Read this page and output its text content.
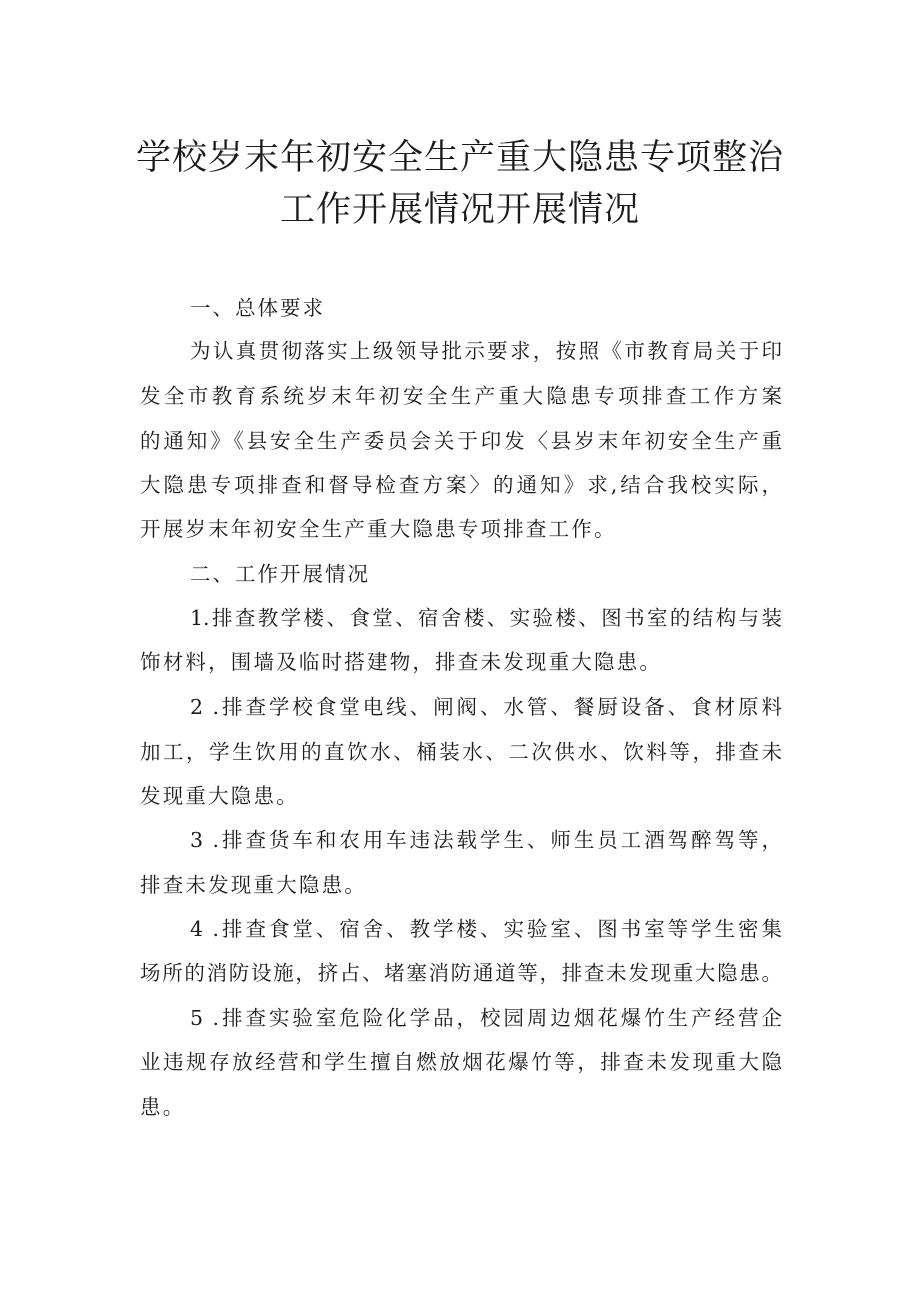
学校岁末年初安全生产重大隐患专项整治
工作开展情况开展情况
一、总体要求
为认真贯彻落实上级领导批示要求，按照《市教育局关于印
发全市教育系统岁末年初安全生产重大隐患专项排查工作方案
的通知》《县安全生产委员会关于印发〈县岁末年初安全生产重
大隐患专项排查和督导检查方案〉的通知》求,结合我校实际，
开展岁末年初安全生产重大隐患专项排查工作。
二、工作开展情况
1.排查教学楼、食堂、宿舍楼、实验楼、图书室的结构与装
饰材料，围墙及临时搭建物，排查未发现重大隐患。
2 .排查学校食堂电线、闸阀、水管、餐厨设备、食材原料
加工，学生饮用的直饮水、桶装水、二次供水、饮料等，排查未
发现重大隐患。
3 .排查货车和农用车违法载学生、师生员工酒驾醉驾等，
排查未发现重大隐患。
4 .排查食堂、宿舍、教学楼、实验室、图书室等学生密集
场所的消防设施，挤占、堵塞消防通道等，排查未发现重大隐患。
5 .排查实验室危险化学品，校园周边烟花爆竹生产经营企
业违规存放经营和学生擅自燃放烟花爆竹等，排查未发现重大隐
患。
